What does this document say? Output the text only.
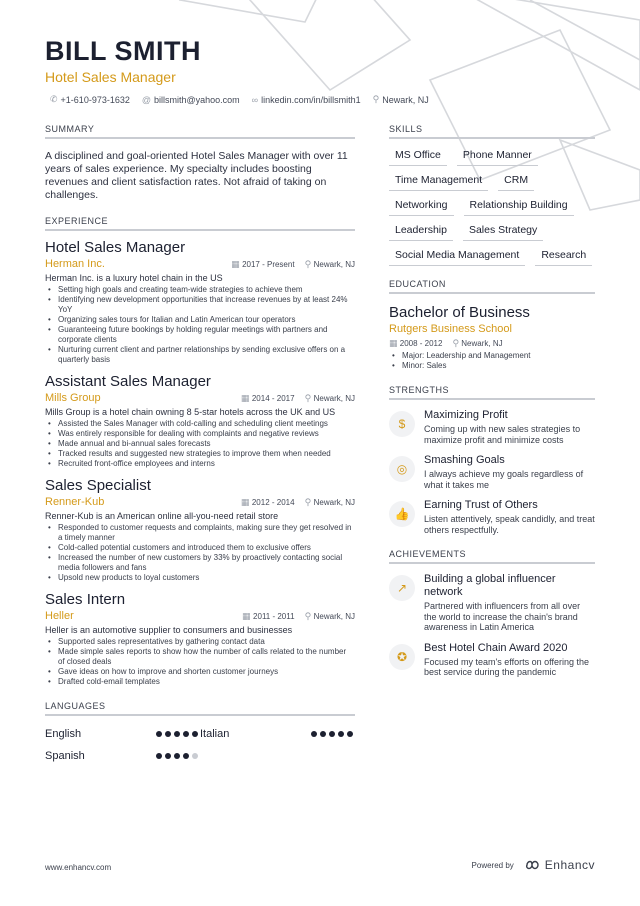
BILL SMITH
Hotel Sales Manager
✆ +1-610-973-1632 @ billsmith@yahoo.com ∞ linkedin.com/in/billsmith1 ⚲ Newark, NJ
SUMMARY
A disciplined and goal-oriented Hotel Sales Manager with over 11 years of sales experience. My specialty includes boosting revenues and client satisfaction rates. Not afraid of taking on challenges.
EXPERIENCE
Hotel Sales Manager
Herman Inc.	▦ 2017 - Present ⚲ Newark, NJ
Herman Inc. is a luxury hotel chain in the US
• Setting high goals and creating team-wide strategies to achieve them
• Identifying new development opportunities that increase revenues by at least 24% YoY
• Organizing sales tours for Italian and Latin American tour operators
• Guaranteeing future bookings by holding regular meetings with partners and corporate clients
• Nurturing current client and partner relationships by sending exclusive offers on a quarterly basis
Assistant Sales Manager
Mills Group	▦ 2014 - 2017 ⚲ Newark, NJ
Mills Group is a hotel chain owning 8 5-star hotels across the UK and US
• Assisted the Sales Manager with cold-calling and scheduling client meetings
• Was entirely responsible for dealing with complaints and negative reviews
• Made annual and bi-annual sales forecasts
• Tracked results and suggested new strategies to improve them when needed
• Recruited front-office employees and interns
Sales Specialist
Renner-Kub	▦ 2012 - 2014 ⚲ Newark, NJ
Renner-Kub is an American online all-you-need retail store
• Responded to customer requests and complaints, making sure they get resolved in a timely manner
• Cold-called potential customers and introduced them to exclusive offers
• Increased the number of new customers by 33% by proactively contacting social media followers and fans
• Upsold new products to loyal customers
Sales Intern
Heller	▦ 2011 - 2011 ⚲ Newark, NJ
Heller is an automotive supplier to consumers and businesses
• Supported sales representatives by gathering contact data
• Made simple sales reports to show how the number of calls related to the number of closed deals
• Gave ideas on how to improve and shorten customer journeys
• Drafted cold-email templates
LANGUAGES
English	Italian
Spanish
SKILLS
MS Office	Phone Manner
Time Management	CRM
Networking	Relationship Building
Leadership	Sales Strategy
Social Media Management	Research
EDUCATION
Bachelor of Business
Rutgers Business School
▦ 2008 - 2012 ⚲ Newark, NJ
• Major: Leadership and Management
• Minor: Sales
STRENGTHS
$
Maximizing Profit
Coming up with new sales strategies to maximize profit and minimize costs
◎
Smashing Goals
I always achieve my goals regardless of what it takes me
👍
Earning Trust of Others
Listen attentively, speak candidly, and treat others respectfully.
ACHIEVEMENTS
↗
Building a global influencer network
Partnered with influencers from all over the world to increase the chain's brand awareness in Latin America
✪
Best Hotel Chain Award 2020
Focused my team's efforts on offering the best service during the pandemic
www.enhancv.com	Powered by	Enhancv
